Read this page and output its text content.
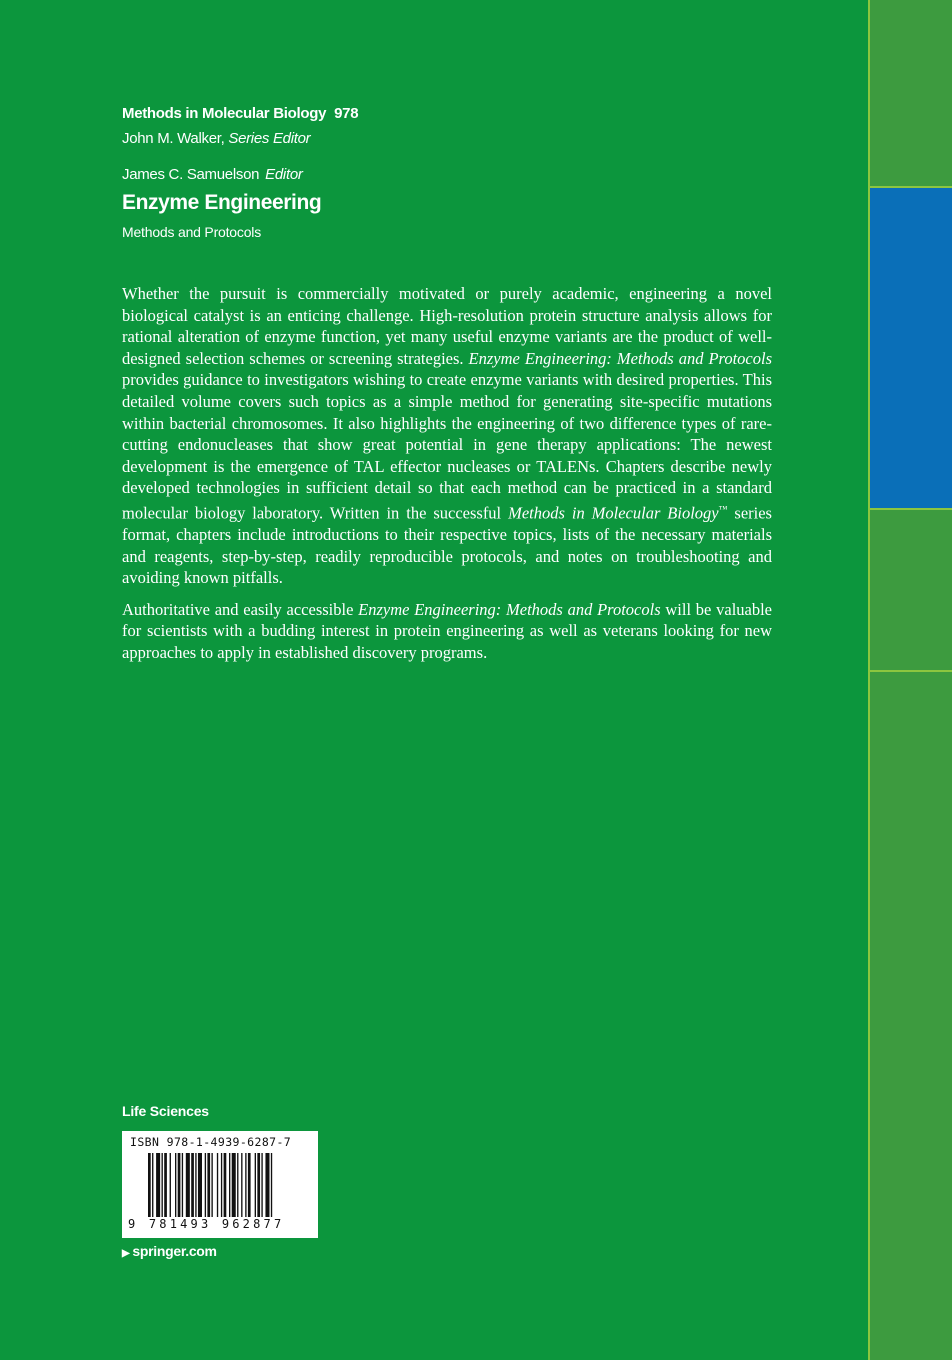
Methods in Molecular Biology 978
John M. Walker, Series Editor
James C. Samuelson Editor
Enzyme Engineering
Methods and Protocols

Whether the pursuit is commercially motivated or purely academic, engineering a novel biological catalyst is an enticing challenge. High-resolution protein structure analysis allows for rational alteration of enzyme function, yet many useful enzyme variants are the product of well-designed selection schemes or screening strategies. Enzyme Engineering: Methods and Protocols provides guidance to investigators wishing to create enzyme variants with desired properties. This detailed volume covers such topics as a simple method for generating site-specific mutations within bacterial chromosomes. It also highlights the engineering of two difference types of rare-cutting endonucleases that show great potential in gene therapy applications: The newest development is the emergence of TAL effector nucleases or TALENs. Chapters describe newly developed technologies in sufficient detail so that each method can be practiced in a standard molecular biology laboratory. Written in the successful Methods in Molecular Biology™ series format, chapters include introductions to their respective topics, lists of the necessary materials and reagents, step-by-step, readily reproducible protocols, and notes on troubleshooting and avoiding known pitfalls.

Authoritative and easily accessible Enzyme Engineering: Methods and Protocols will be valuable for scientists with a budding interest in protein engineering as well as veterans looking for new approaches to apply in established discovery programs.

Life Sciences
ISBN 978-1-4939-6287-7
9 781493 962877
▶ springer.com
